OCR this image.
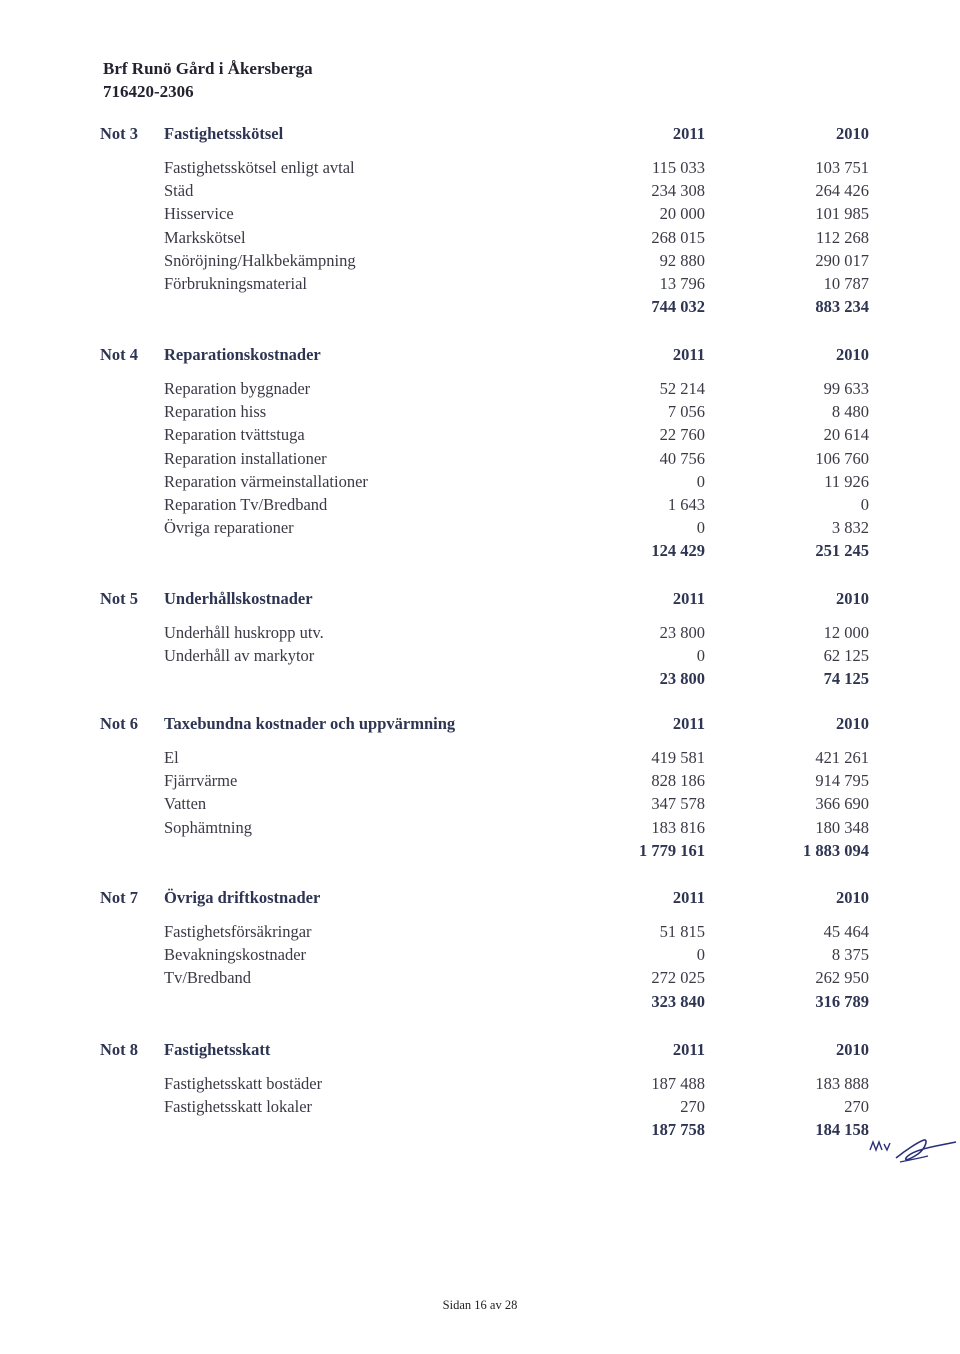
Brf Runö Gård i Åkersberga
716420-2306
Not 3 Fastighetsskötsel	2011	2010
Fastighetsskötsel enligt avtal	115 033	103 751
Städ	234 308	264 426
Hisservice	20 000	101 985
Markskötsel	268 015	112 268
Snöröjning/Halkbekämpning	92 880	290 017
Förbrukningsmaterial	13 796	10 787
744 032	883 234
Not 4 Reparationskostnader	2011	2010
Reparation byggnader	52 214	99 633
Reparation hiss	7 056	8 480
Reparation tvättstuga	22 760	20 614
Reparation installationer	40 756	106 760
Reparation värmeinstallationer	0	11 926
Reparation Tv/Bredband	1 643	0
Övriga reparationer	0	3 832
124 429	251 245
Not 5 Underhållskostnader	2011	2010
Underhåll huskropp utv.	23 800	12 000
Underhåll av markytor	0	62 125
23 800	74 125
Not 6 Taxebundna kostnader och uppvärmning	2011	2010
El	419 581	421 261
Fjärrvärme	828 186	914 795
Vatten	347 578	366 690
Sophämtning	183 816	180 348
1 779 161	1 883 094
Not 7 Övriga driftkostnader	2011	2010
Fastighetsförsäkringar	51 815	45 464
Bevakningskostnader	0	8 375
Tv/Bredband	272 025	262 950
323 840	316 789
Not 8 Fastighetsskatt	2011	2010
Fastighetsskatt bostäder	187 488	183 888
Fastighetsskatt lokaler	270	270
187 758	184 158
Sidan 16 av 28
